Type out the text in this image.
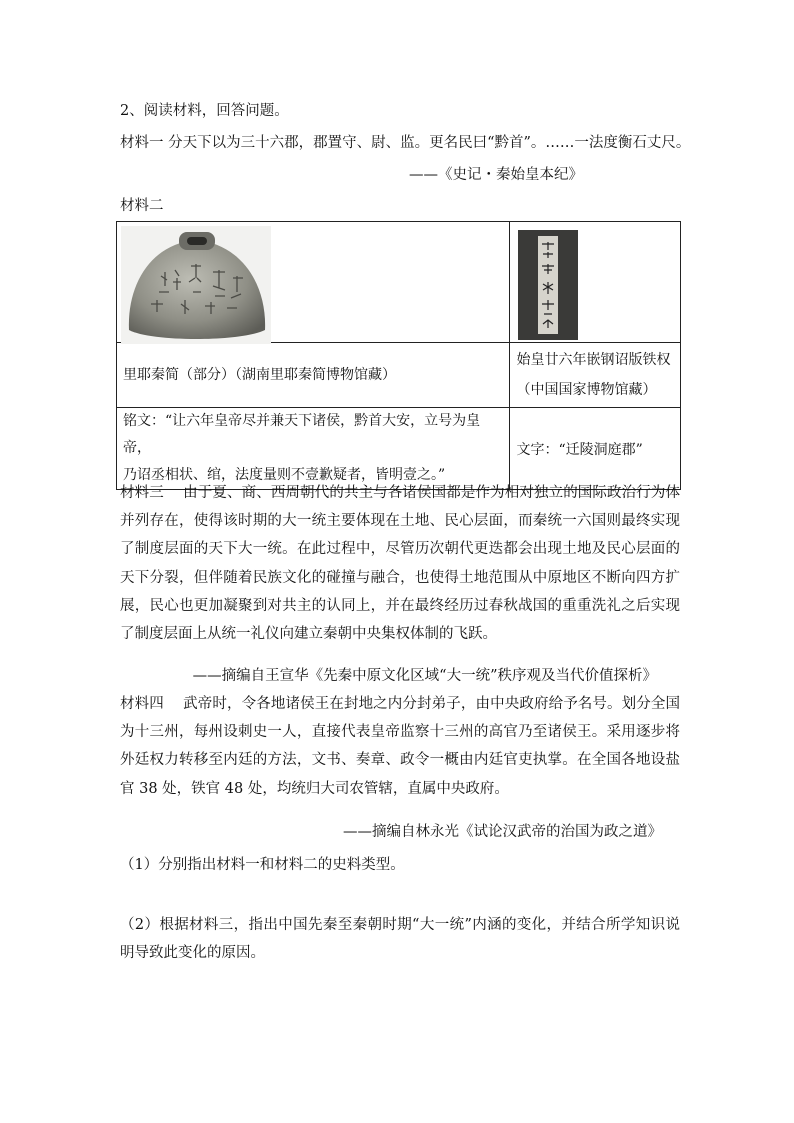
2、阅读材料，回答问题。
材料一 分天下以为三十六郡，郡置守、尉、监。更名民曰“黔首”。……一法度衡石丈尺。
——《史记・秦始皇本纪》
材料二

里耶秦简（部分）（湖南里耶秦简博物馆藏）	始皇廿六年嵌钢诏版铁权
（中国国家博物馆藏）

铭文：“让六年皇帝尽并兼天下诸侯，黔首大安，立号为皇帝，
乃诏丞相状、绾，法度量则不壹歉疑者，皆明壹之。”	文字：“迁陵洞庭郡”
材料三　 由于夏、商、西周朝代的共主与各诸侯国都是作为相对独立的国际政治行为体并列存在，使得该时期的大一统主要体现在土地、民心层面，而秦统一六国则最终实现了制度层面的天下大一统。在此过程中，尽管历次朝代更迭都会出现土地及民心层面的天下分裂，但伴随着民族文化的碰撞与融合，也使得土地范围从中原地区不断向四方扩展，民心也更加凝聚到对共主的认同上，并在最终经历过春秋战国的重重洗礼之后实现了制度层面上从统一礼仪向建立秦朝中央集权体制的飞跃。
——摘编自王宣华《先秦中原文化区域“大一统”秩序观及当代价值探析》
材料四　 武帝时，令各地诸侯王在封地之内分封弟子，由中央政府给予名号。划分全国为十三州，每州设刺史一人，直接代表皇帝监察十三州的高官乃至诸侯王。采用逐步将外廷权力转移至内廷的方法，文书、奏章、政令一概由内廷官吏执掌。在全国各地设盐官 38 处，铁官 48 处，均统归大司农管辖，直属中央政府。
——摘编自林永光《试论汉武帝的治国为政之道》
（1）分别指出材料一和材料二的史料类型。
（2）根据材料三，指出中国先秦至秦朝时期“大一统”内涵的变化，并结合所学知识说明导致此变化的原因。
